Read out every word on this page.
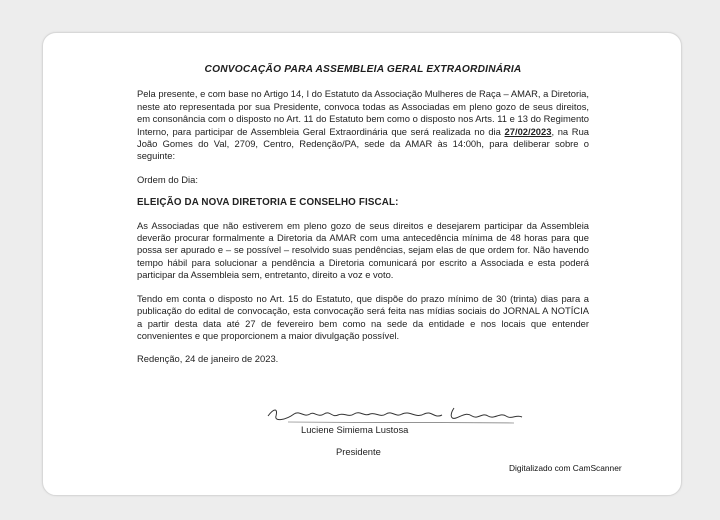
CONVOCAÇÃO PARA ASSEMBLEIA GERAL EXTRAORDINÁRIA
Pela presente, e com base no Artigo 14, I do Estatuto da Associação Mulheres de Raça – AMAR, a Diretoria, neste ato representada por sua Presidente, convoca todas as Associadas em pleno gozo de seus direitos, em consonância com o disposto no Art. 11 do Estatuto bem como o disposto nos Arts. 11 e 13 do Regimento Interno, para participar de Assembleia Geral Extraordinária que será realizada no dia 27/02/2023, na Rua João Gomes do Val, 2709, Centro, Redenção/PA, sede da AMAR às 14:00h, para deliberar sobre o seguinte:
Ordem do Dia:
ELEIÇÃO DA NOVA DIRETORIA E CONSELHO FISCAL:
As Associadas que não estiverem em pleno gozo de seus direitos e desejarem participar da Assembleia deverão procurar formalmente a Diretoria da AMAR com uma antecedência mínima de 48 horas para que possa ser apurado e – se possível – resolvido suas pendências, sejam elas de que ordem for. Não havendo tempo hábil para solucionar a pendência a Diretoria comunicará por escrito a Associada e esta poderá participar da Assembleia sem, entretanto, direito a voz e voto.
Tendo em conta o disposto no Art. 15 do Estatuto, que dispõe do prazo mínimo de 30 (trinta) dias para a publicação do edital de convocação, esta convocação será feita nas mídias sociais do JORNAL A NOTÍCIA a partir desta data até 27 de fevereiro bem como na sede da entidade e nos locais que entender convenientes e que proporcionem a maior divulgação possível.
Redenção, 24 de janeiro de 2023.
Luciene Simiema Lustosa
Presidente
Digitalizado com CamScanner
